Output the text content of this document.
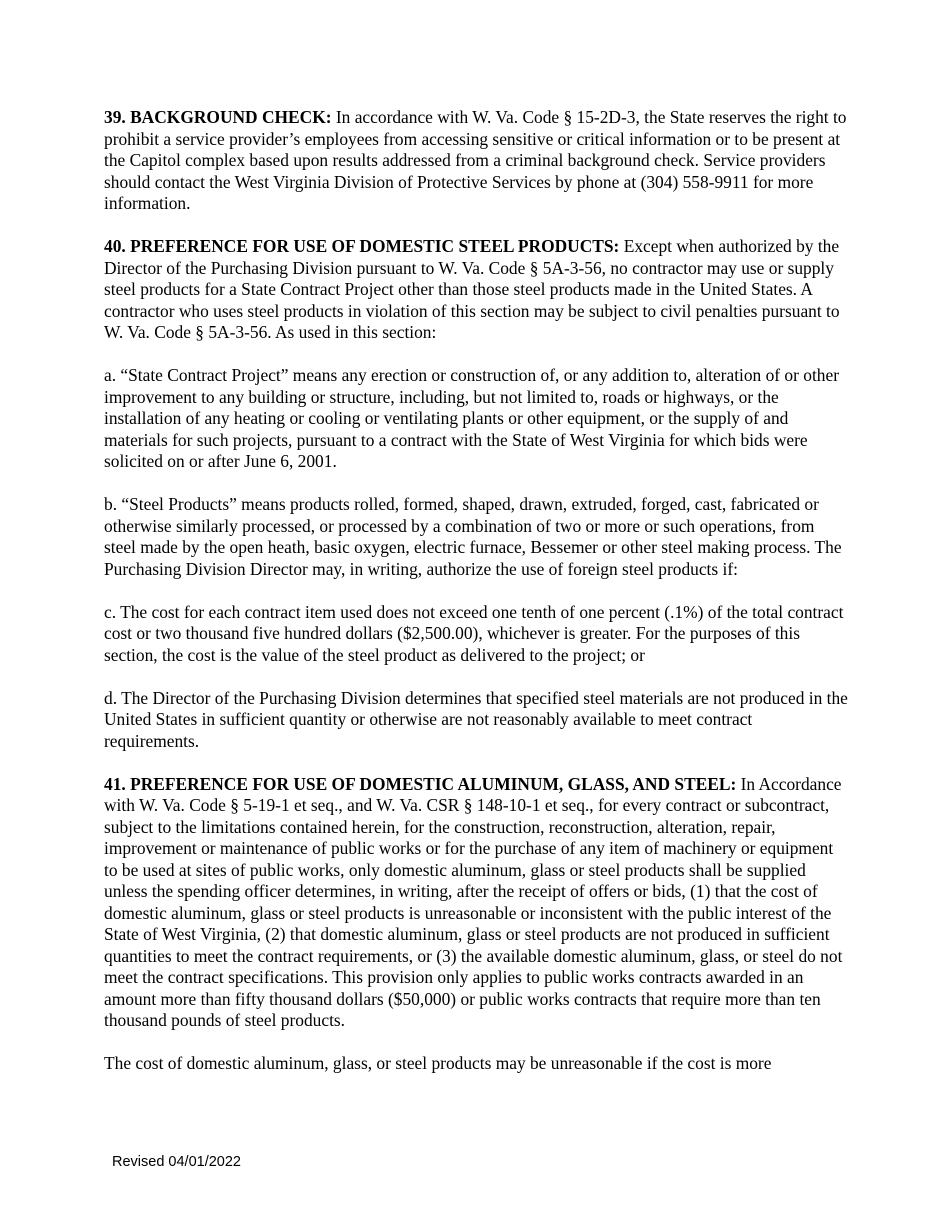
39. BACKGROUND CHECK: In accordance with W. Va. Code § 15-2D-3, the State reserves the right to prohibit a service provider’s employees from accessing sensitive or critical information or to be present at the Capitol complex based upon results addressed from a criminal background check. Service providers should contact the West Virginia Division of Protective Services by phone at (304) 558-9911 for more information.

40. PREFERENCE FOR USE OF DOMESTIC STEEL PRODUCTS: Except when authorized by the Director of the Purchasing Division pursuant to W. Va. Code § 5A-3-56, no contractor may use or supply steel products for a State Contract Project other than those steel products made in the United States. A contractor who uses steel products in violation of this section may be subject to civil penalties pursuant to W. Va. Code § 5A-3-56. As used in this section:

a. “State Contract Project” means any erection or construction of, or any addition to, alteration of or other improvement to any building or structure, including, but not limited to, roads or highways, or the installation of any heating or cooling or ventilating plants or other equipment, or the supply of and materials for such projects, pursuant to a contract with the State of West Virginia for which bids were solicited on or after June 6, 2001.

b. “Steel Products” means products rolled, formed, shaped, drawn, extruded, forged, cast, fabricated or otherwise similarly processed, or processed by a combination of two or more or such operations, from steel made by the open heath, basic oxygen, electric furnace, Bessemer or other steel making process. The Purchasing Division Director may, in writing, authorize the use of foreign steel products if:

c. The cost for each contract item used does not exceed one tenth of one percent (.1%) of the total contract cost or two thousand five hundred dollars ($2,500.00), whichever is greater. For the purposes of this section, the cost is the value of the steel product as delivered to the project; or

d. The Director of the Purchasing Division determines that specified steel materials are not produced in the United States in sufficient quantity or otherwise are not reasonably available to meet contract requirements.

41. PREFERENCE FOR USE OF DOMESTIC ALUMINUM, GLASS, AND STEEL: In Accordance with W. Va. Code § 5-19-1 et seq., and W. Va. CSR § 148-10-1 et seq., for every contract or subcontract, subject to the limitations contained herein, for the construction, reconstruction, alteration, repair, improvement or maintenance of public works or for the purchase of any item of machinery or equipment to be used at sites of public works, only domestic aluminum, glass or steel products shall be supplied unless the spending officer determines, in writing, after the receipt of offers or bids, (1) that the cost of domestic aluminum, glass or steel products is unreasonable or inconsistent with the public interest of the State of West Virginia, (2) that domestic aluminum, glass or steel products are not produced in sufficient quantities to meet the contract requirements, or (3) the available domestic aluminum, glass, or steel do not meet the contract specifications. This provision only applies to public works contracts awarded in an amount more than fifty thousand dollars ($50,000) or public works contracts that require more than ten thousand pounds of steel products.

The cost of domestic aluminum, glass, or steel products may be unreasonable if the cost is more

Revised 04/01/2022
